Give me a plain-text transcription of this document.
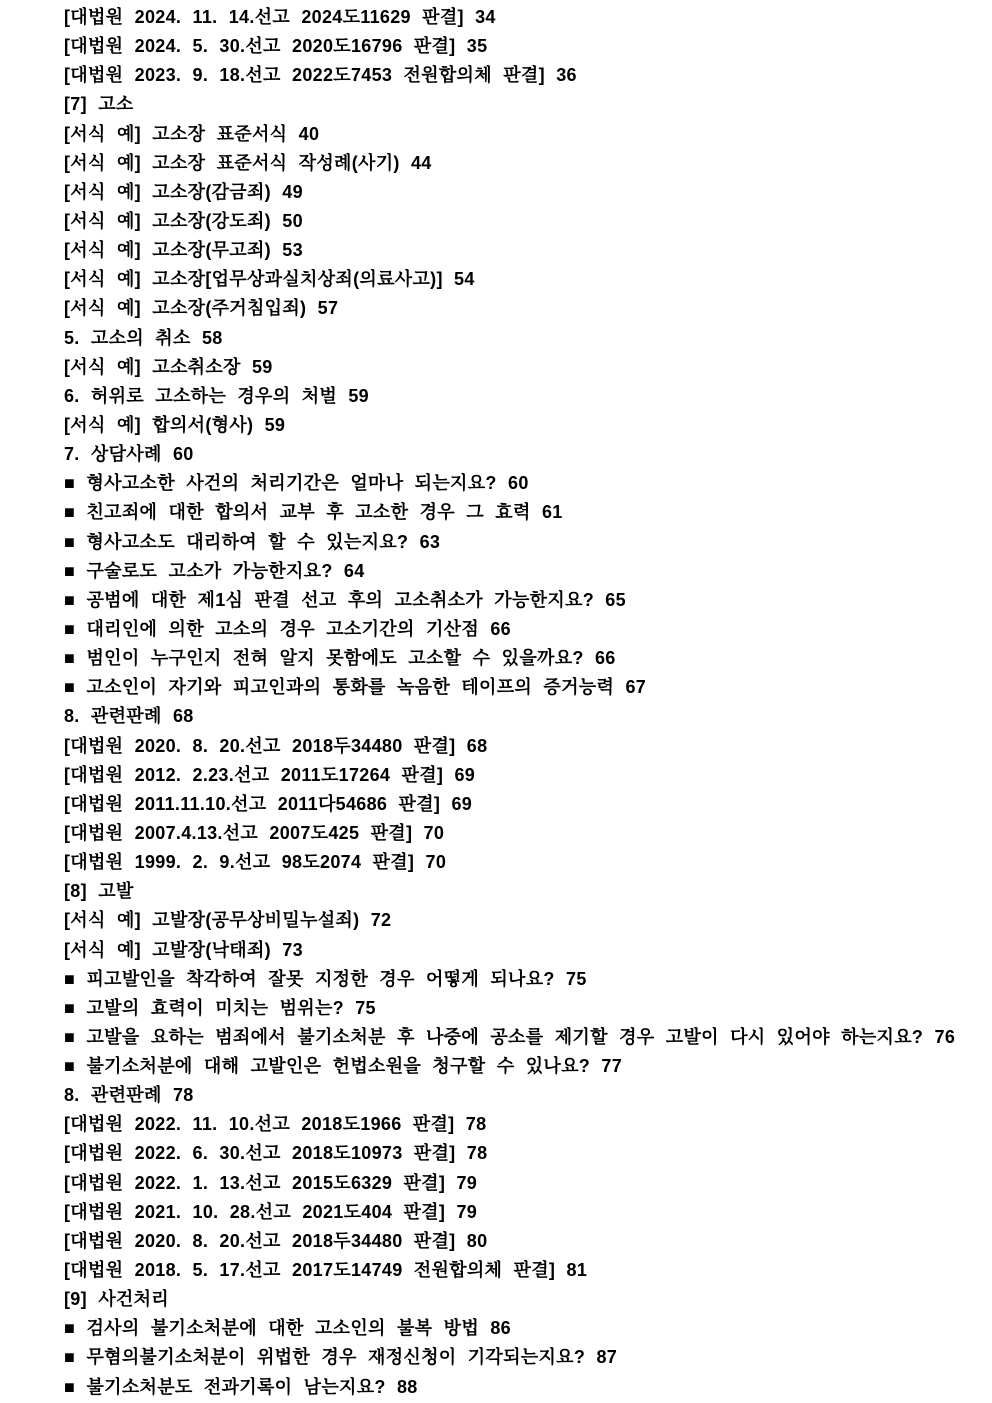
[대법원 2024. 11. 14.선고 2024도11629 판결] 34
[대법원 2024. 5. 30.선고 2020도16796 판결] 35
[대법원 2023. 9. 18.선고 2022도7453 전원합의체 판결] 36
[7] 고소
[서식 예] 고소장 표준서식 40
[서식 예] 고소장 표준서식 작성례(사기) 44
[서식 예] 고소장(감금죄) 49
[서식 예] 고소장(강도죄) 50
[서식 예] 고소장(무고죄) 53
[서식 예] 고소장[업무상과실치상죄(의료사고)] 54
[서식 예] 고소장(주거침입죄) 57
5. 고소의 취소 58
[서식 예] 고소취소장 59
6. 허위로 고소하는 경우의 처벌 59
[서식 예] 합의서(형사) 59
7. 상담사례 60
■ 형사고소한 사건의 처리기간은 얼마나 되는지요? 60
■ 친고죄에 대한 합의서 교부 후 고소한 경우 그 효력 61
■ 형사고소도 대리하여 할 수 있는지요? 63
■ 구술로도 고소가 가능한지요? 64
■ 공범에 대한 제1심 판결 선고 후의 고소취소가 가능한지요? 65
■ 대리인에 의한 고소의 경우 고소기간의 기산점 66
■ 범인이 누구인지 전혀 알지 못함에도 고소할 수 있을까요? 66
■ 고소인이 자기와 피고인과의 통화를 녹음한 테이프의 증거능력 67
8. 관련판례 68
[대법원 2020. 8. 20.선고 2018두34480 판결] 68
[대법원 2012. 2.23.선고 2011도17264 판결] 69
[대법원 2011.11.10.선고 2011다54686 판결] 69
[대법원 2007.4.13.선고 2007도425 판결] 70
[대법원 1999. 2. 9.선고 98도2074 판결] 70
[8] 고발
[서식 예] 고발장(공무상비밀누설죄) 72
[서식 예] 고발장(낙태죄) 73
■ 피고발인을 착각하여 잘못 지정한 경우 어떻게 되나요? 75
■ 고발의 효력이 미치는 범위는? 75
■ 고발을 요하는 범죄에서 불기소처분 후 나중에 공소를 제기할 경우 고발이 다시 있어야 하는지요? 76
■ 불기소처분에 대해 고발인은 헌법소원을 청구할 수 있나요? 77
8. 관련판례 78
[대법원 2022. 11. 10.선고 2018도1966 판결] 78
[대법원 2022. 6. 30.선고 2018도10973 판결] 78
[대법원 2022. 1. 13.선고 2015도6329 판결] 79
[대법원 2021. 10. 28.선고 2021도404 판결] 79
[대법원 2020. 8. 20.선고 2018두34480 판결] 80
[대법원 2018. 5. 17.선고 2017도14749 전원합의체 판결] 81
[9] 사건처리
■ 검사의 불기소처분에 대한 고소인의 불복 방법 86
■ 무혐의불기소처분이 위법한 경우 재정신청이 기각되는지요? 87
■ 불기소처분도 전과기록이 남는지요? 88
